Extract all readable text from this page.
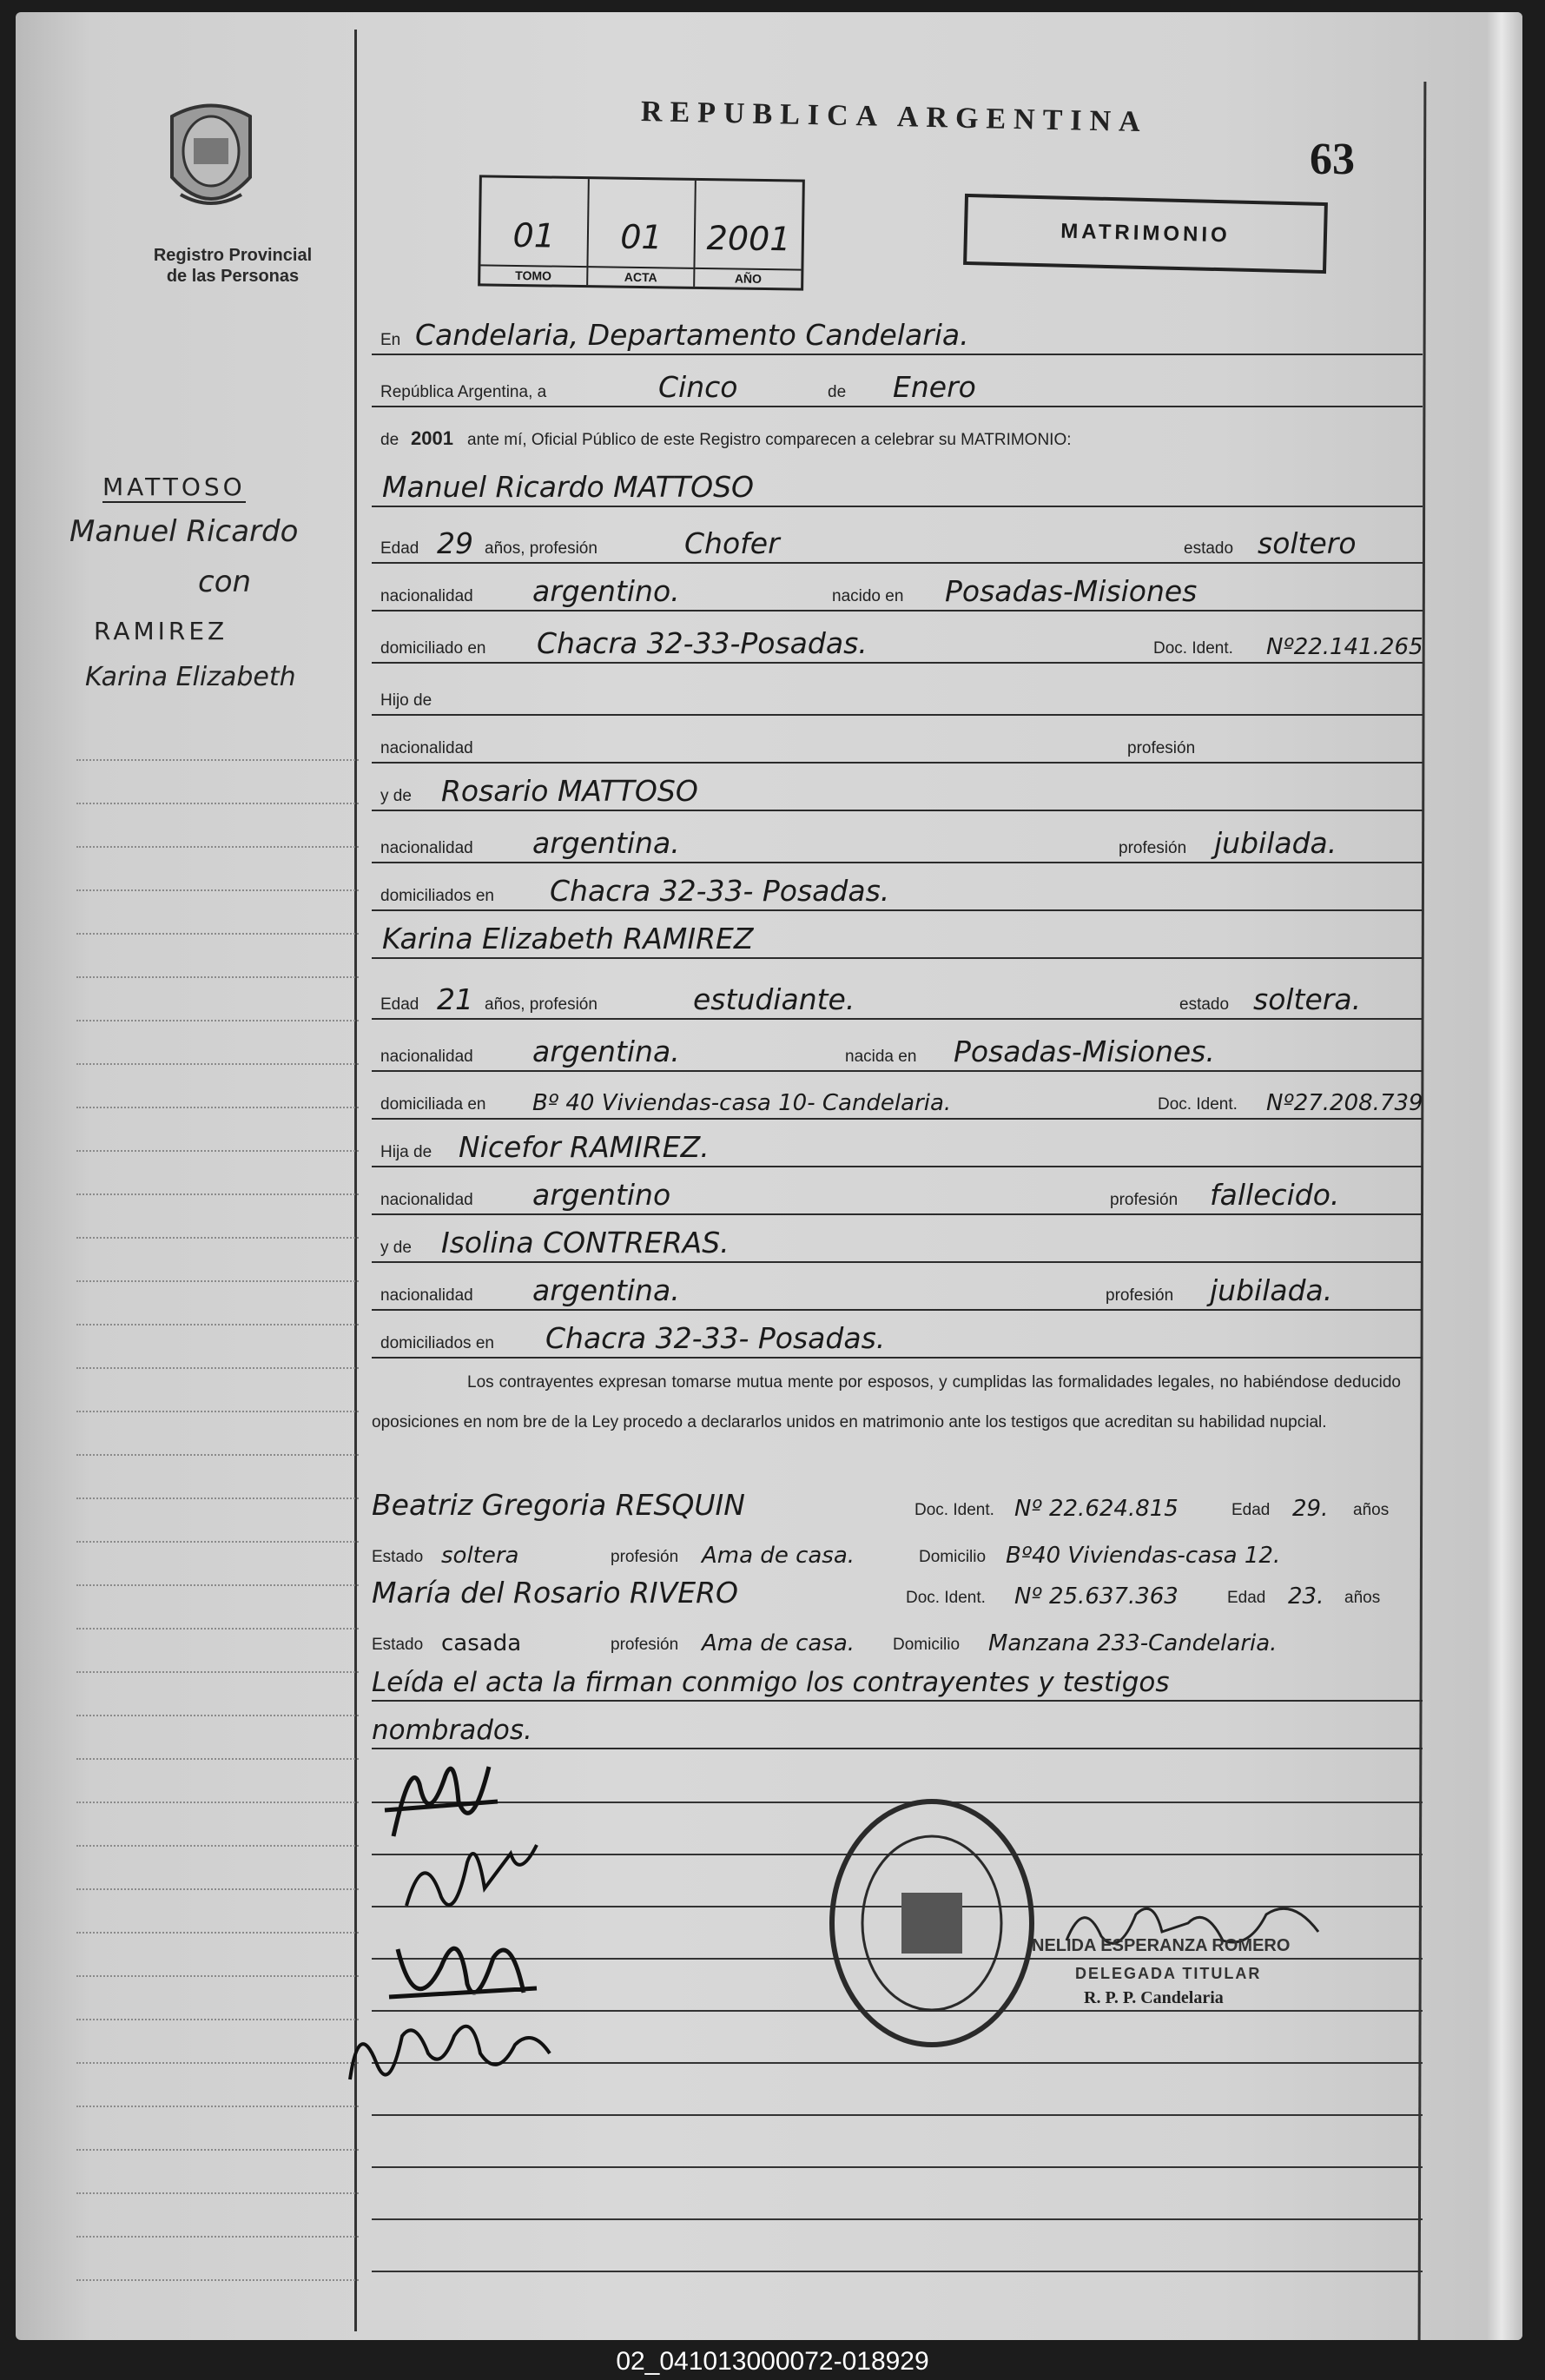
Registro Provincial
de las Personas
MATTOSO
Manuel Ricardo
con
RAMIREZ
Karina Elizabeth
REPUBLICA ARGENTINA
63
01
TOMO
01
ACTA
2001
AÑO
MATRIMONIO
En Candelaria, Departamento Candelaria.
República Argentina, a	Cinco	de Enero
de 2001 ante mí, Oficial Público de este Registro comparecen a celebrar su MATRIMONIO:
Manuel Ricardo MATTOSO
Edad 29 años, profesión	Chofer	estado soltero
nacionalidad argentino.	nacido en Posadas-Misiones
domiciliado en Chacra 32-33-Posadas.	Doc. Ident. Nº22.141.265
Hijo de
nacionalidad	profesión
y de Rosario MATTOSO
nacionalidad argentina.	profesión jubilada.
domiciliados en Chacra 32-33- Posadas.
Karina Elizabeth RAMIREZ
Edad 21 años, profesión	estudiante.	estado soltera.
nacionalidad argentina.	nacida en Posadas-Misiones.
domiciliada en Bº 40 Viviendas-casa 10- Candelaria.	Doc. Ident. Nº27.208.739
Hija de Nicefor RAMIREZ.
nacionalidad argentino	profesión fallecido.
y de Isolina CONTRERAS.
nacionalidad argentina.	profesión jubilada.
domiciliados en Chacra 32-33- Posadas.
Los contrayentes expresan tomarse mutua mente por esposos, y cumplidas las formalidades legales, no habiéndose deducido oposiciones en nom bre de la Ley procedo a declararlos unidos en matrimonio ante los testigos que acreditan su habilidad nupcial.
Beatriz Gregoria RESQUIN	Doc. Ident. Nº 22.624.815	Edad 29. años
Estado soltera	profesión Ama de casa.	Domicilio Bº40 Viviendas-casa 12.
María del Rosario RIVERO	Doc. Ident. Nº 25.637.363	Edad 23. años
Estado casada	profesión Ama de casa. Domicilio Manzana 233-Candelaria.
Leída el acta la firman conmigo los contrayentes y testigos
nombrados.
NELIDA ESPERANZA ROMERO
DELEGADA TITULAR
R. P. P. Candelaria
02_041013000072-018929
